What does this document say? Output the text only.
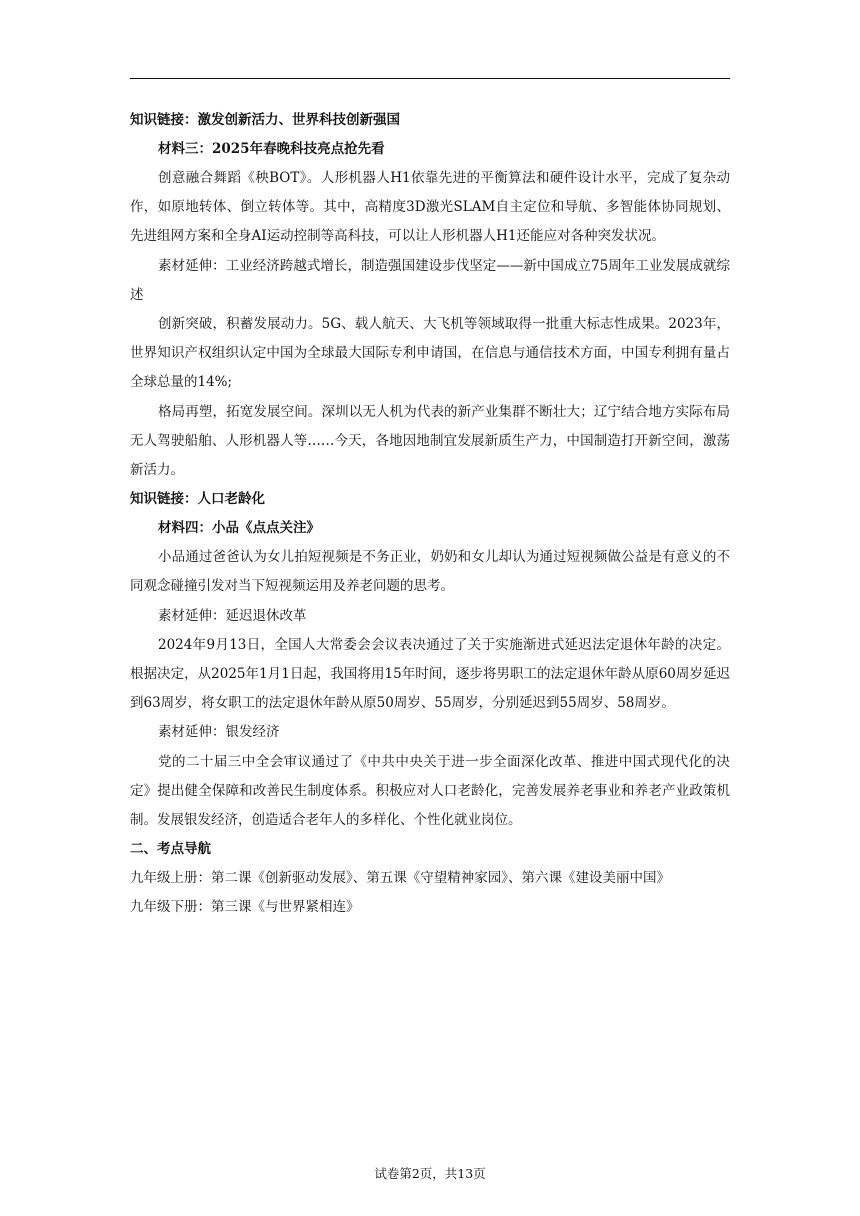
知识链接：激发创新活力、世界科技创新强国

材料三：2025年春晚科技亮点抢先看

创意融合舞蹈《秧BOT》。人形机器人H1依靠先进的平衡算法和硬件设计水平，完成了复杂动作，如原地转体、倒立转体等。其中，高精度3D激光SLAM自主定位和导航、多智能体协同规划、先进组网方案和全身AI运动控制等高科技，可以让人形机器人H1还能应对各种突发状况。

素材延伸：工业经济跨越式增长，制造强国建设步伐坚定——新中国成立75周年工业发展成就综述

创新突破，积蓄发展动力。5G、载人航天、大飞机等领域取得一批重大标志性成果。2023年，世界知识产权组织认定中国为全球最大国际专利申请国，在信息与通信技术方面，中国专利拥有量占全球总量的14%;

格局再塑，拓宽发展空间。深圳以无人机为代表的新产业集群不断壮大；辽宁结合地方实际布局无人驾驶船舶、人形机器人等……今天，各地因地制宜发展新质生产力，中国制造打开新空间，激荡新活力。

知识链接：人口老龄化

材料四：小品《点点关注》

小品通过爸爸认为女儿拍短视频是不务正业，奶奶和女儿却认为通过短视频做公益是有意义的不同观念碰撞引发对当下短视频运用及养老问题的思考。

素材延伸：延迟退休改革

2024年9月13日，全国人大常委会会议表决通过了关于实施渐进式延迟法定退休年龄的决定。根据决定，从2025年1月1日起，我国将用15年时间，逐步将男职工的法定退休年龄从原60周岁延迟到63周岁，将女职工的法定退休年龄从原50周岁、55周岁，分别延迟到55周岁、58周岁。

素材延伸：银发经济

党的二十届三中全会审议通过了《中共中央关于进一步全面深化改革、推进中国式现代化的决定》提出健全保障和改善民生制度体系。积极应对人口老龄化，完善发展养老事业和养老产业政策机制。发展银发经济，创造适合老年人的多样化、个性化就业岗位。

二、考点导航

九年级上册：第二课《创新驱动发展》、第五课《守望精神家园》、第六课《建设美丽中国》

九年级下册：第三课《与世界紧相连》

试卷第2页，共13页
